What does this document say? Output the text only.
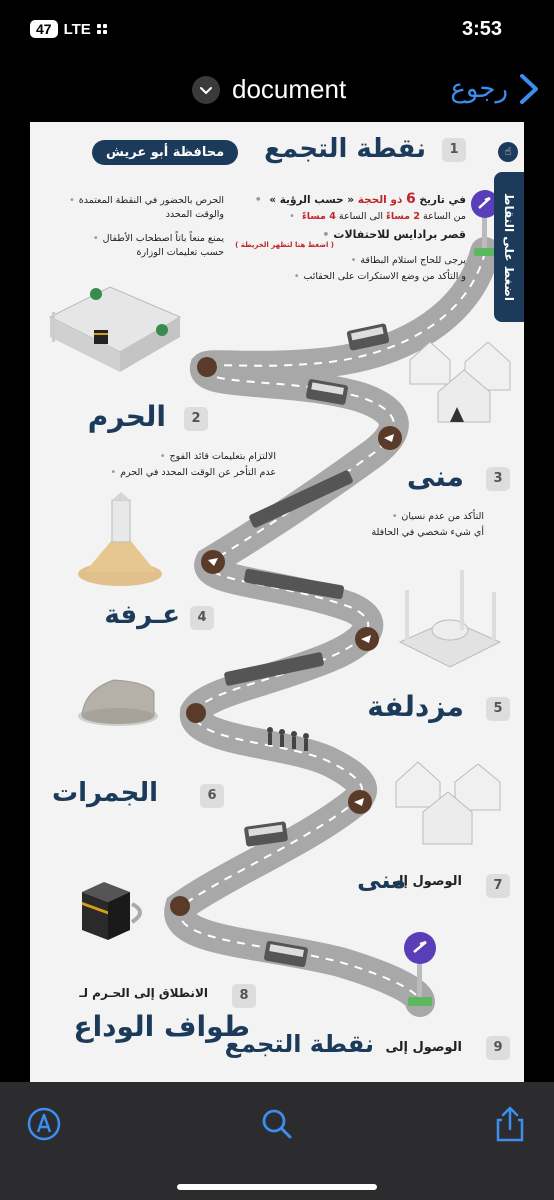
47 LTE	3:53
document	رجوع
اضغط على النقاط
☝
محافظة أبو عريش	نقطة التجمع	1
في تاريخ 6 ذو الحجة « حسب الرؤية » •
من الساعة 2 مساءً الى الساعة 4 مساءً •
قصر برادايس للاحتفالات •
( اضغط هنا لتظهر الخريطة )
يرجى للحاج استلام البطاقة •
و التأكد من وضع الاستكرات على الحقائب •
الحرص بالحضور في النقطة المعتمدة •
والوقت المحدد
يمنع منعاً باتاً اصطحاب الأطفال •
حسب تعليمات الوزارة
الحرم	2
الالتزام بتعليمات قائد الفوج •
عدم التأخر عن الوقت المحدد في الحرم •	منى	3
التأكد من عدم نسيان •
أي شيء شخصي في الحافلة
عـرفة	4
مزدلفة	5
الجمرات	6
الوصول إلى
منى	7
الانطلاق إلى الحـرم لـ
طواف الوداع
8
الوصول إلى
نقطة التجمع	9
